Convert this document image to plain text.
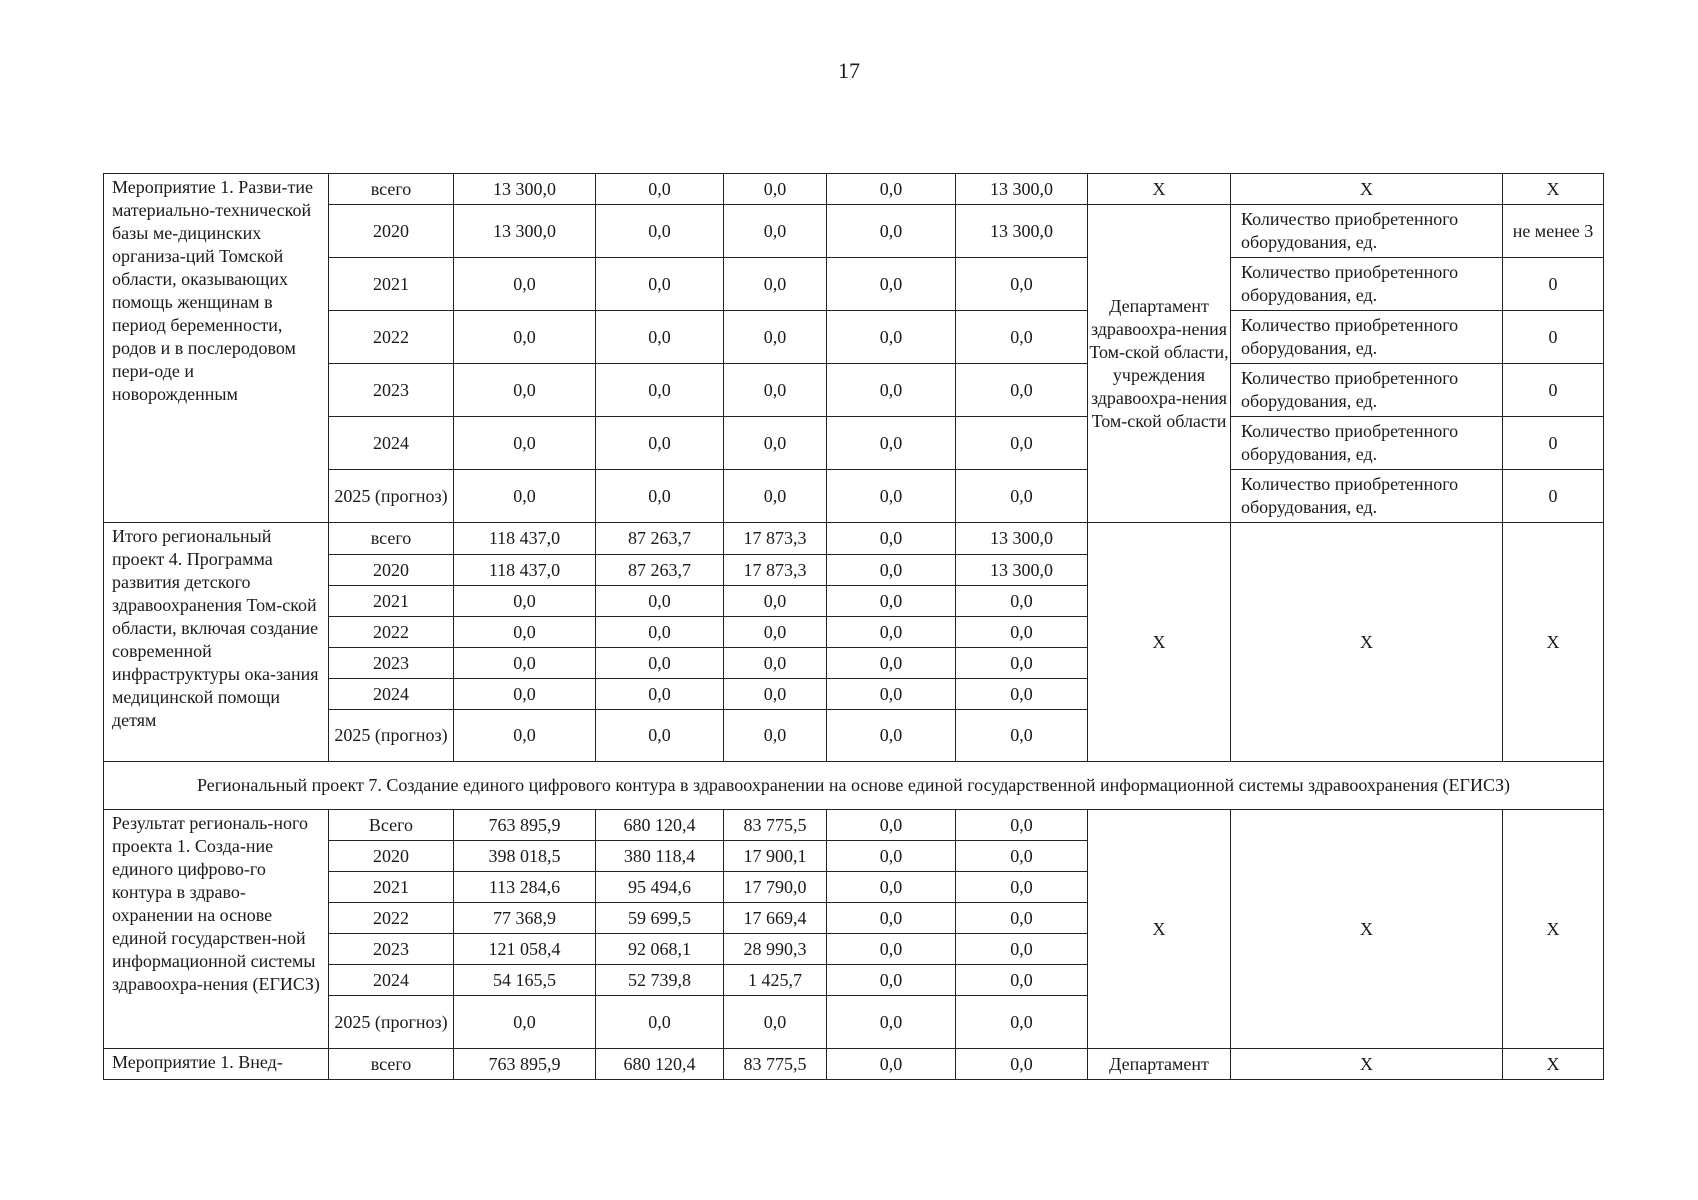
17
Мероприятие 1. Разви-тие материально-технической базы ме-дицинских организа-ций Томской области, оказывающих помощь женщинам в период беременности, родов и в послеродовом пери-оде и новорожденным	всего	13 300,0	0,0	0,0	0,0	13 300,0	X	X	X
	2020	13 300,0	0,0	0,0	0,0	13 300,0	Департамент здравоохра-нения Том-ской области, учреждения здравоохра-нения Том-ской области	Количество приобретенного оборудования, ед.	не менее 3
	2021	0,0	0,0	0,0	0,0	0,0		Количество приобретенного оборудования, ед.	0
	2022	0,0	0,0	0,0	0,0	0,0		Количество приобретенного оборудования, ед.	0
	2023	0,0	0,0	0,0	0,0	0,0		Количество приобретенного оборудования, ед.	0
	2024	0,0	0,0	0,0	0,0	0,0		Количество приобретенного оборудования, ед.	0
	2025 (прогноз)	0,0	0,0	0,0	0,0	0,0		Количество приобретенного оборудования, ед.	0
Итого региональный проект 4. Программа развития детского здравоохранения Том-ской области, включая создание современной инфраструктуры ока-зания медицинской помощи детям	всего	118 437,0	87 263,7	17 873,3	0,0	13 300,0	X	X	X
	2020	118 437,0	87 263,7	17 873,3	0,0	13 300,0			
	2021	0,0	0,0	0,0	0,0	0,0			
	2022	0,0	0,0	0,0	0,0	0,0			
	2023	0,0	0,0	0,0	0,0	0,0			
	2024	0,0	0,0	0,0	0,0	0,0			
	2025 (прогноз)	0,0	0,0	0,0	0,0	0,0			
Региональный проект 7. Создание единого цифрового контура в здравоохранении на основе единой государственной информационной системы здравоохранения (ЕГИСЗ)									
Результат региональ-ного проекта 1. Созда-ние единого цифрово-го контура в здраво-охранении на основе единой государствен-ной информационной системы здравоохра-нения (ЕГИСЗ)	Всего	763 895,9	680 120,4	83 775,5	0,0	0,0	X	X	X
	2020	398 018,5	380 118,4	17 900,1	0,0	0,0			
	2021	113 284,6	95 494,6	17 790,0	0,0	0,0			
	2022	77 368,9	59 699,5	17 669,4	0,0	0,0			
	2023	121 058,4	92 068,1	28 990,3	0,0	0,0			
	2024	54 165,5	52 739,8	1 425,7	0,0	0,0			
	2025 (прогноз)	0,0	0,0	0,0	0,0	0,0			
Мероприятие 1. Внед-	всего	763 895,9	680 120,4	83 775,5	0,0	0,0	Департамент	X	X
